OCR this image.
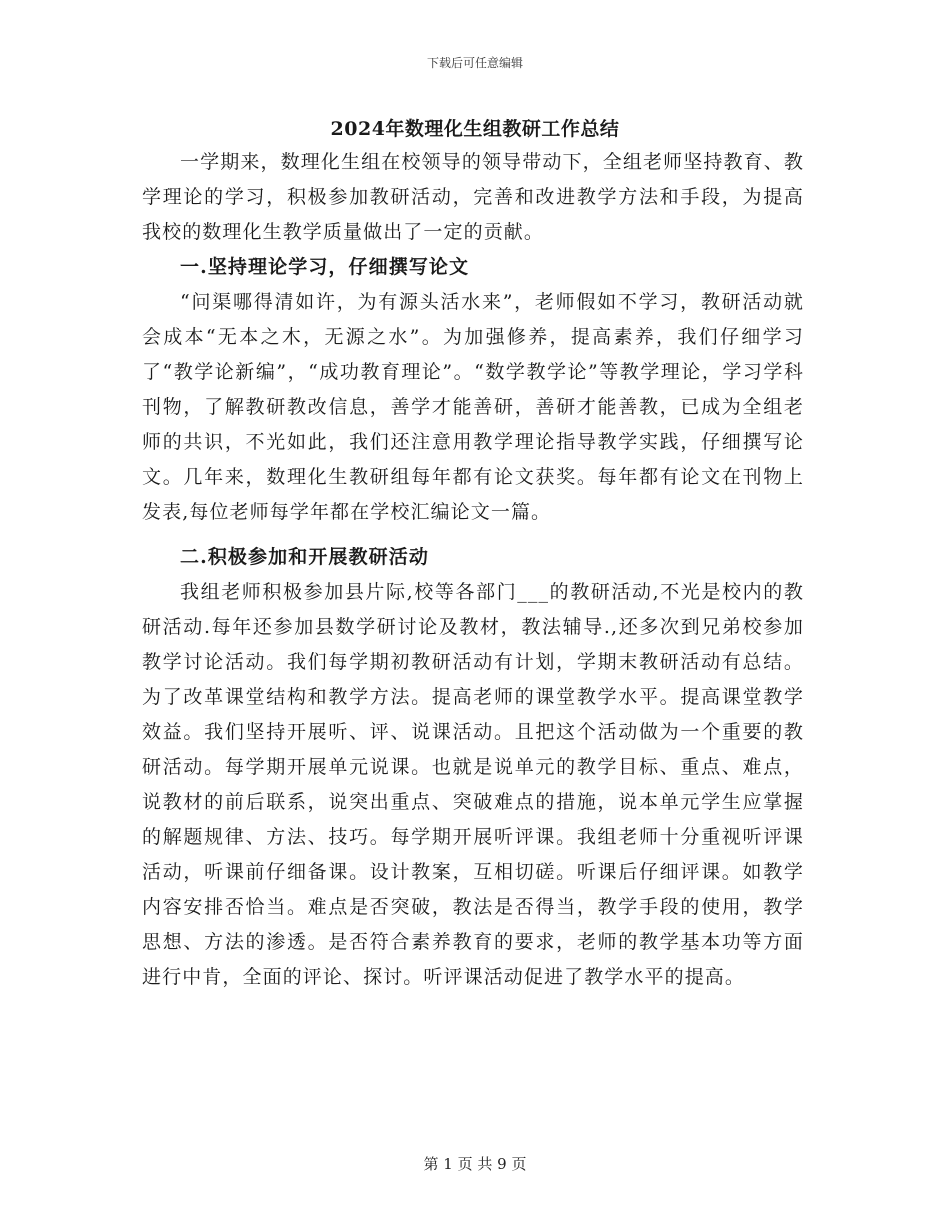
下载后可任意编辑
2024年数理化生组教研工作总结

一学期来，数理化生组在校领导的领导带动下，全组老师坚持教育、教学理论的学习，积极参加教研活动，完善和改进教学方法和手段，为提高我校的数理化生教学质量做出了一定的贡献。

一.坚持理论学习，仔细撰写论文

“问渠哪得清如许，为有源头活水来”，老师假如不学习，教研活动就会成本“无本之木，无源之水”。为加强修养，提高素养，我们仔细学习了“教学论新编”，“成功教育理论”。“数学教学论”等教学理论，学习学科刊物，了解教研教改信息，善学才能善研，善研才能善教，已成为全组老师的共识，不光如此，我们还注意用教学理论指导教学实践，仔细撰写论文。几年来，数理化生教研组每年都有论文获奖。每年都有论文在刊物上发表,每位老师每学年都在学校汇编论文一篇。

二.积极参加和开展教研活动

我组老师积极参加县片际,校等各部门___的教研活动,不光是校内的教研活动.每年还参加县数学研讨论及教材，教法辅导.,还多次到兄弟校参加教学讨论活动。我们每学期初教研活动有计划，学期末教研活动有总结。为了改革课堂结构和教学方法。提高老师的课堂教学水平。提高课堂教学效益。我们坚持开展听、评、说课活动。且把这个活动做为一个重要的教研活动。每学期开展单元说课。也就是说单元的教学目标、重点、难点，说教材的前后联系，说突出重点、突破难点的措施，说本单元学生应掌握的解题规律、方法、技巧。每学期开展听评课。我组老师十分重视听评课活动，听课前仔细备课。设计教案，互相切磋。听课后仔细评课。如教学内容安排否恰当。难点是否突破，教法是否得当，教学手段的使用，教学思想、方法的渗透。是否符合素养教育的要求，老师的教学基本功等方面进行中肯，全面的评论、探讨。听评课活动促进了教学水平的提高。

第 1 页 共 9 页
